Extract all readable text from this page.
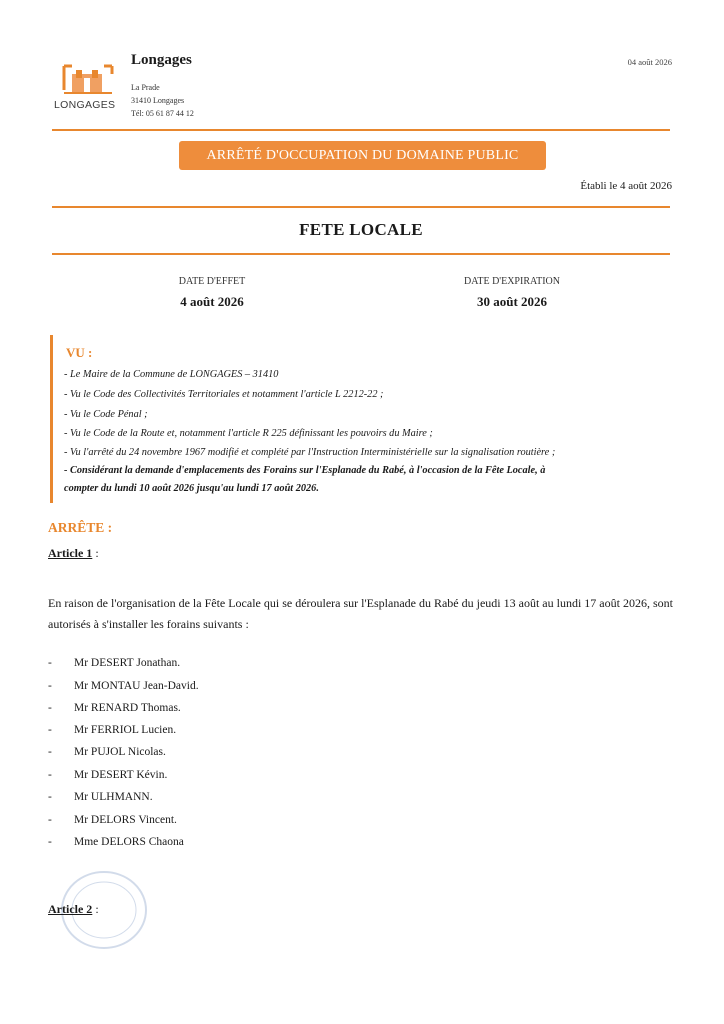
LONGAGES
Longages
La Prade
31410 Longages
Tél: 05 61 87 44 12
04 août 2026
ARRÊTÉ D'OCCUPATION DU DOMAINE PUBLIC
Établi le 4 août 2026
FETE LOCALE
DATE D'EFFET
4 août 2026
DATE D'EXPIRATION
30 août 2026
VU :
- Le Maire de la Commune de LONGAGES – 31410
- Vu le Code des Collectivités Territoriales et notamment l'article L 2212-22 ;
- Vu le Code Pénal ;
- Vu le Code de la Route et, notamment l'article R 225 définissant les pouvoirs du Maire ;
- Vu l'arrêté du 24 novembre 1967 modifié et complété par l'Instruction Interministérielle sur la signalisation routière ;
- Considérant la demande d'emplacements des Forains sur l'Esplanade du Rabé, à l'occasion de la Fête Locale, à
compter du lundi 10 août 2026 jusqu'au lundi 17 août 2026.
ARRÊTE :
Article 1 :
En raison de l'organisation de la Fête Locale qui se déroulera sur l'Esplanade du Rabé du jeudi 13 août au lundi 17 août 2026, sont autorisés à s'installer les forains suivants :
- Mr DESERT Jonathan.
- Mr MONTAU Jean-David.
- Mr RENARD Thomas.
- Mr FERRIOL Lucien.
- Mr PUJOL Nicolas.
- Mr DESERT Kévin.
- Mr ULHMANN.
- Mr DELORS Vincent.
- Mme DELORS Chaona
Article 2 :
